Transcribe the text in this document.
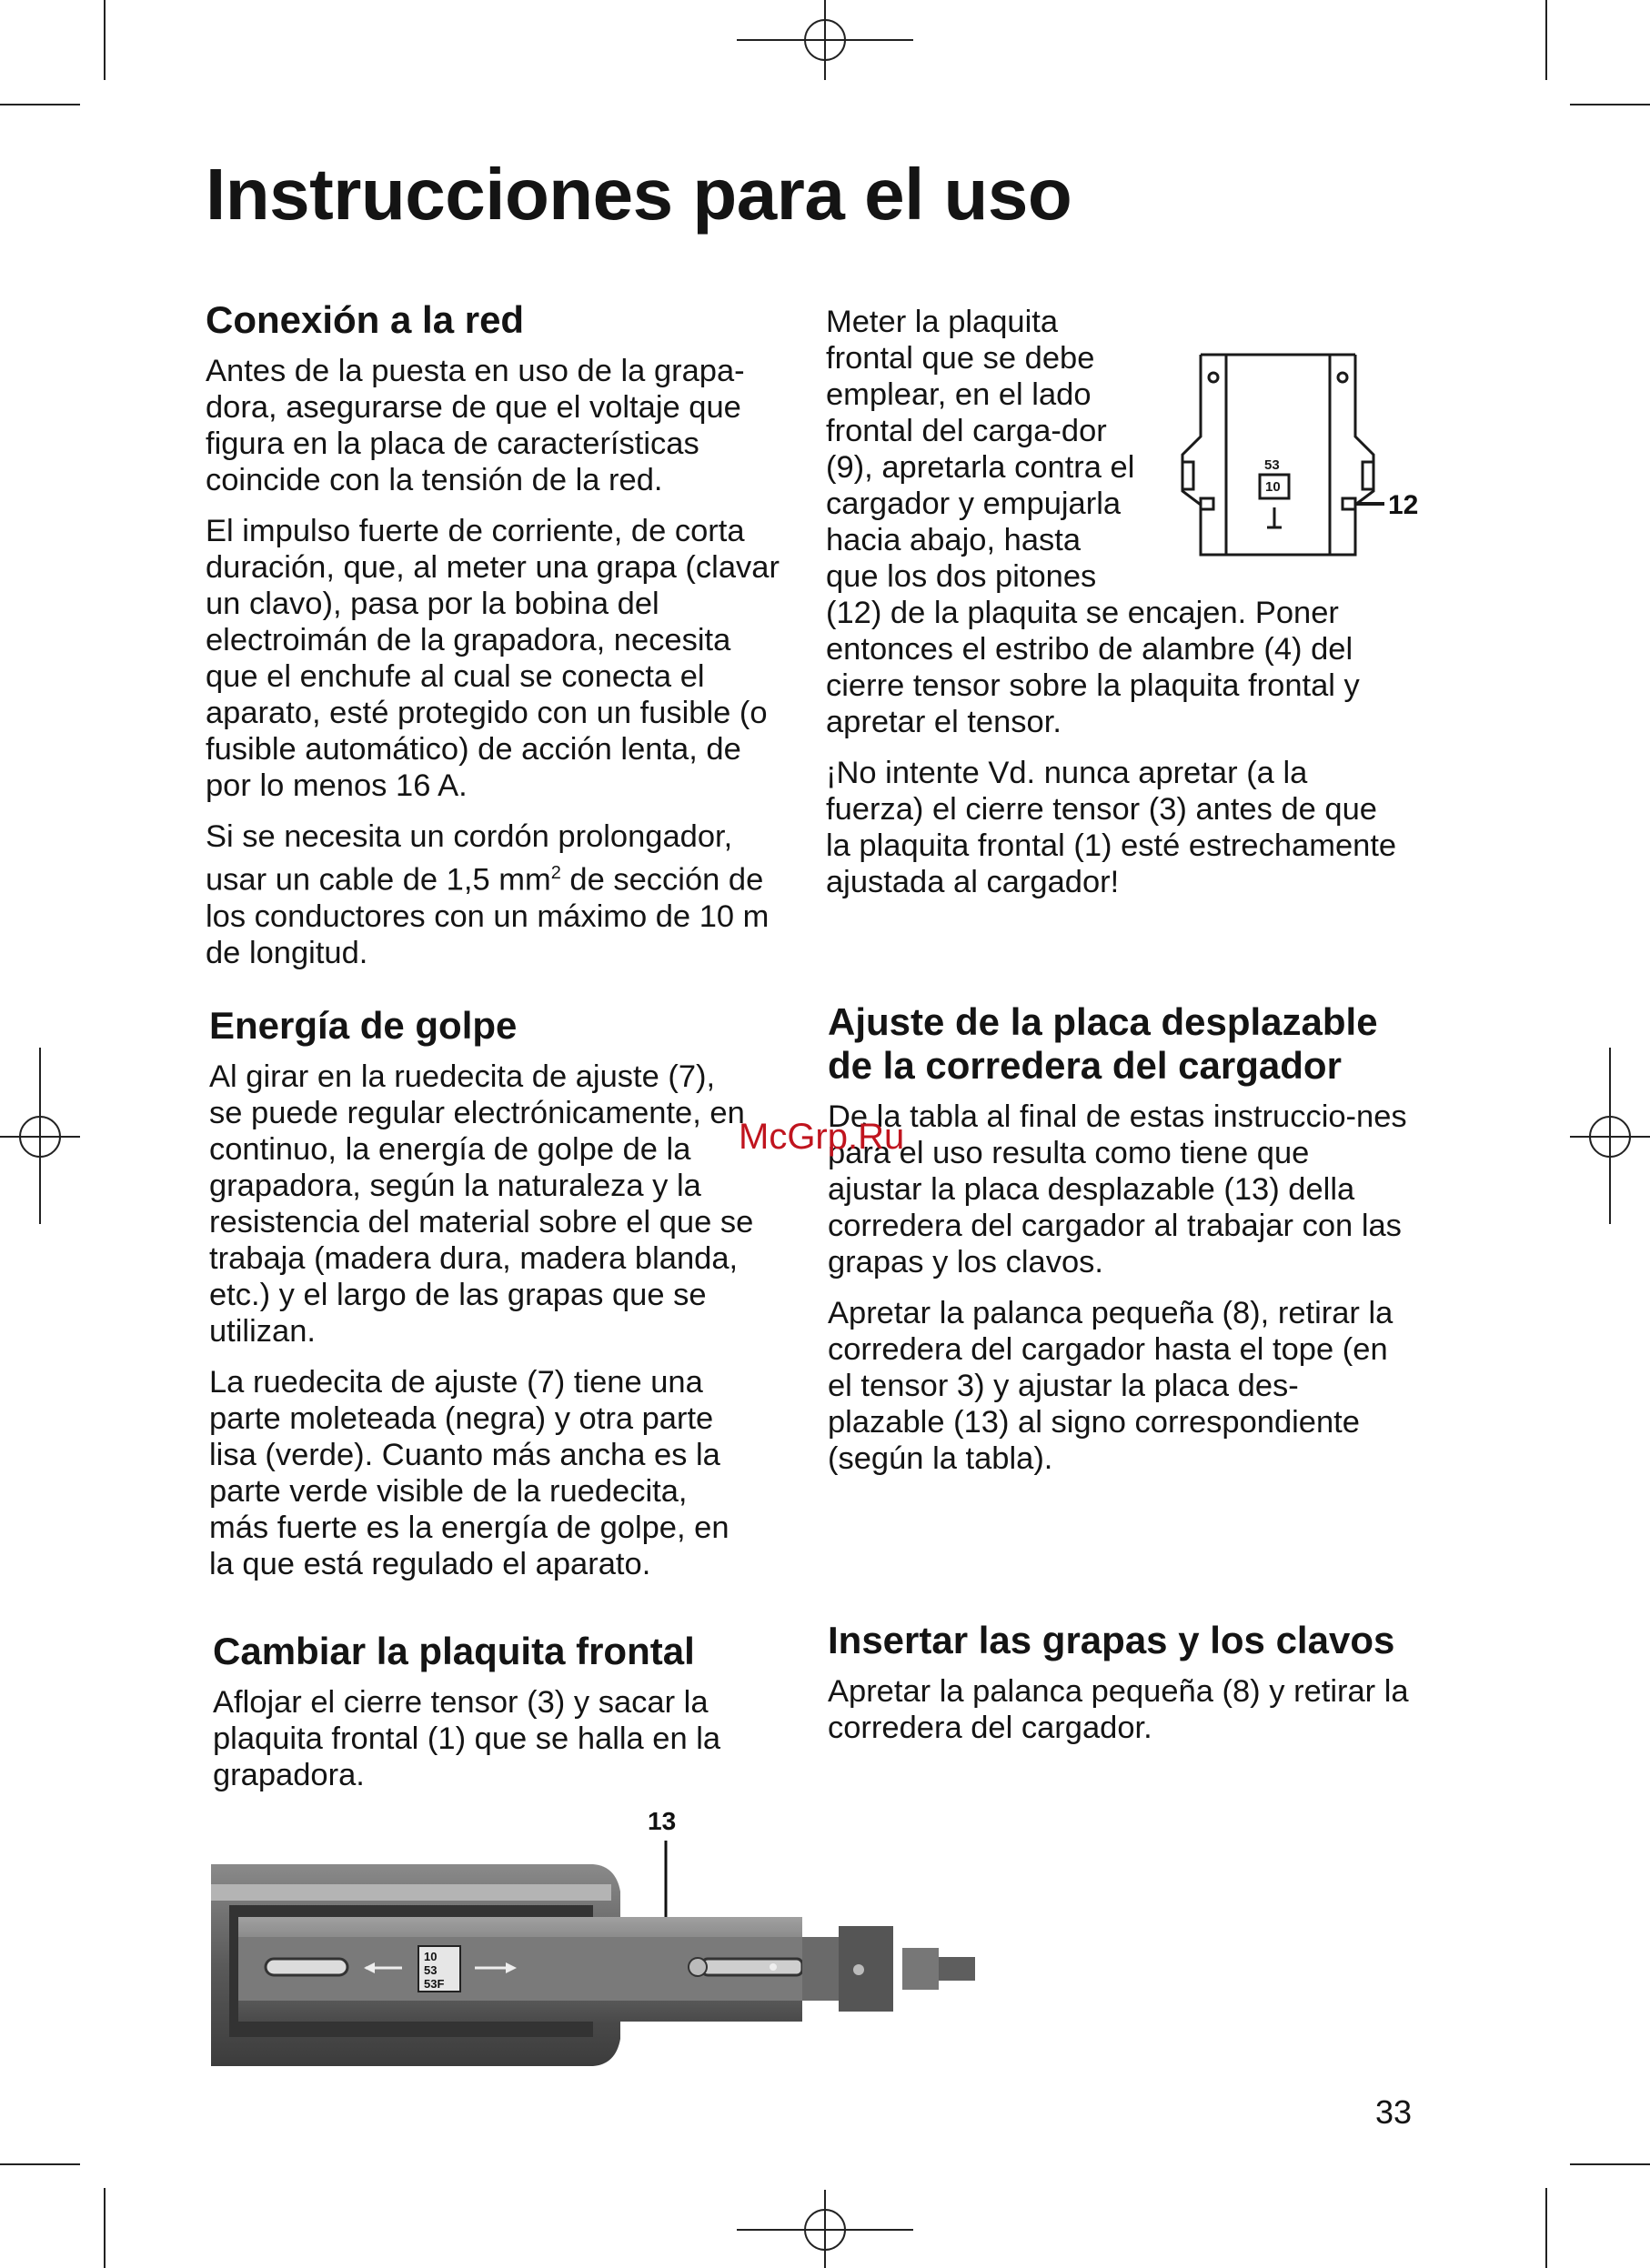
Instrucciones para el uso
Conexión a la red

Antes de la puesta en uso de la grapa-dora, asegurarse de que el voltaje que figura en la placa de características coincide con la tensión de la red.

El impulso fuerte de corriente, de corta duración, que, al meter una grapa (clavar un clavo), pasa por la bobina del electroimán de la grapadora, necesita que el enchufe al cual se conecta el aparato, esté protegido con un fusible (o fusible automático) de acción lenta, de por lo menos 16 A.

Si se necesita un cordón prolongador, usar un cable de 1,5 $mm^2$ de sección de los conductores con un máximo de 10 m de longitud.

Energía de golpe

Al girar en la ruedecita de ajuste (7), se puede regular electrónicamente, en continuo, la energía de golpe de la grapadora, según la naturaleza y la resistencia del material sobre el que se trabaja (madera dura, madera blanda, etc.) y el largo de las grapas que se utilizan.

La ruedecita de ajuste (7) tiene una parte moleteada (negra) y otra parte lisa (verde). Cuanto más ancha es la parte verde visible de la ruedecita, más fuerte es la energía de golpe, en la que está regulado el aparato.

Cambiar la plaquita frontal

Aflojar el cierre tensor (3) y sacar la plaquita frontal (1) que se halla en la grapadora.

Meter la plaquita frontal que se debe emplear, en el lado frontal del carga-dor (9), apretarla contra el cargador y empujarla hacia abajo, hasta que los dos pitones (12) de la plaquita se encajen. Poner entonces el estribo de alambre (4) del cierre tensor sobre la plaquita frontal y apretar el tensor.

¡No intente Vd. nunca apretar (a la fuerza) el cierre tensor (3) antes de que la plaquita frontal (1) esté estrechamente ajustada al cargador!

Ajuste de la placa desplazable de la corredera del cargador

De la tabla al final de estas instruccio-nes para el uso resulta como tiene que ajustar la placa desplazable (13) della corredera del cargador al trabajar con las grapas y los clavos.

Apretar la palanca pequeña (8), retirar la corredera del cargador hasta el tope (en el tensor 3) y ajustar la placa des-plazable (13) al signo correspondiente (según la tabla).

Insertar las grapas y los clavos

Apretar la palanca pequeña (8) y retirar la corredera del cargador.

53
10
12
13
10
53
53F
McGrp.Ru
33
